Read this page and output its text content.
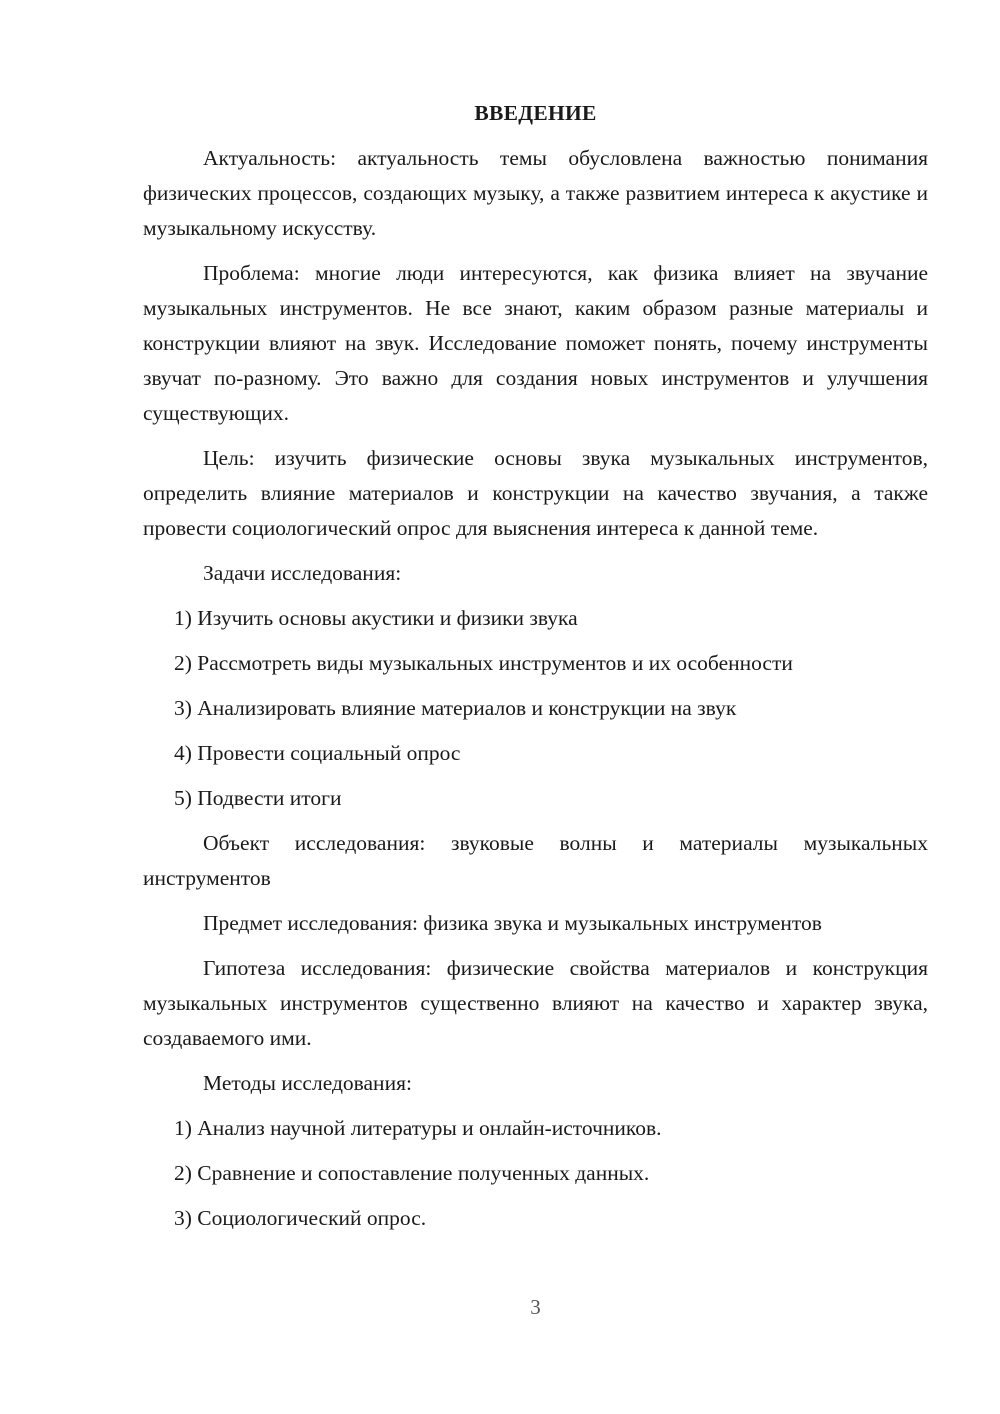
ВВЕДЕНИЕ

Актуальность: актуальность темы обусловлена важностью понимания физических процессов, создающих музыку, а также развитием интереса к акустике и музыкальному искусству.

Проблема: многие люди интересуются, как физика влияет на звучание музыкальных инструментов. Не все знают, каким образом разные материалы и конструкции влияют на звук. Исследование поможет понять, почему инструменты звучат по-разному. Это важно для создания новых инструментов и улучшения существующих.

Цель: изучить физические основы звука музыкальных инструментов, определить влияние материалов и конструкции на качество звучания, а также провести социологический опрос для выяснения интереса к данной теме.

Задачи исследования:

1) Изучить основы акустики и физики звука
2) Рассмотреть виды музыкальных инструментов и их особенности
3) Анализировать влияние материалов и конструкции на звук
4) Провести социальный опрос
5) Подвести итоги

Объект исследования: звуковые волны и материалы музыкальных инструментов

Предмет исследования: физика звука и музыкальных инструментов

Гипотеза исследования: физические свойства материалов и конструкция музыкальных инструментов существенно влияют на качество и характер звука, создаваемого ими.

Методы исследования:

1) Анализ научной литературы и онлайн-источников.
2) Сравнение и сопоставление полученных данных.
3) Социологический опрос.
3
